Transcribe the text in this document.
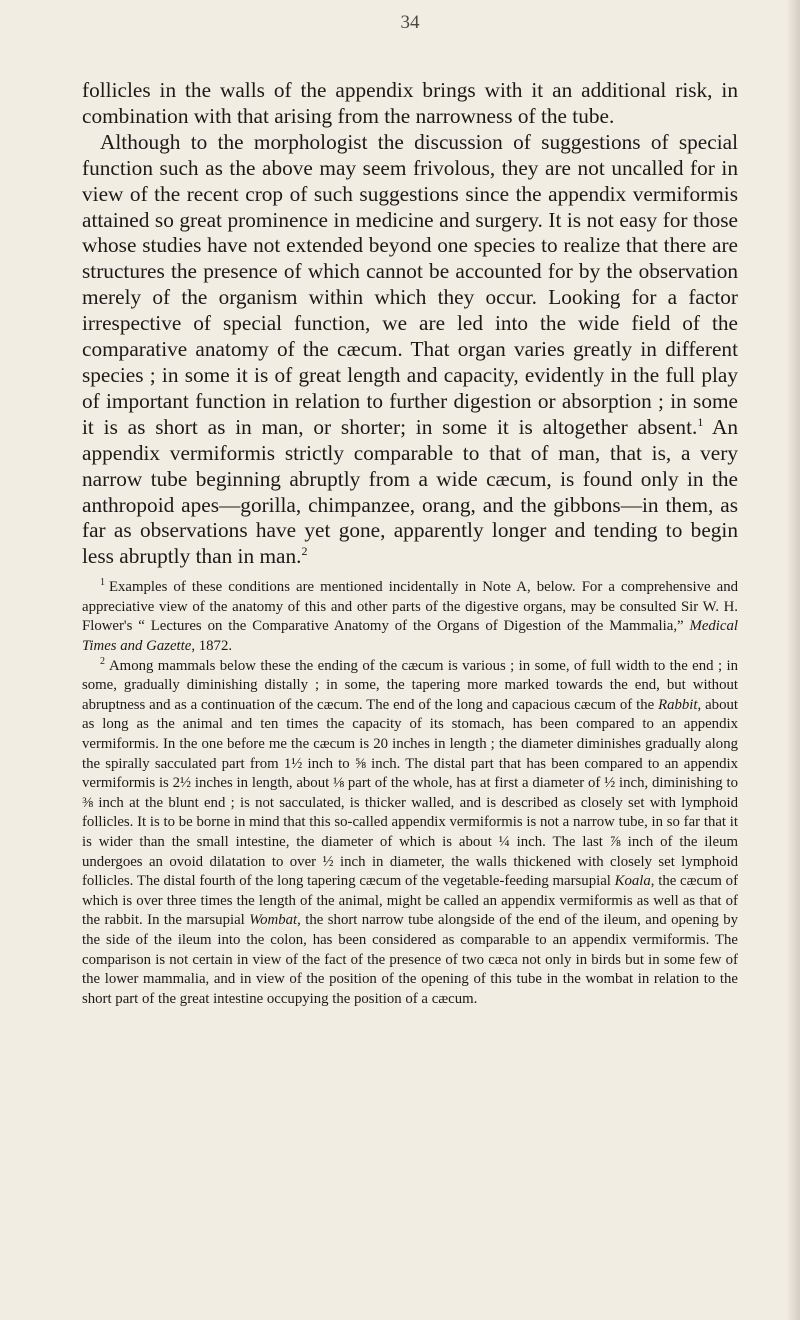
34

follicles in the walls of the appendix brings with it an additional risk, in combination with that arising from the narrowness of the tube.

Although to the morphologist the discussion of suggestions of special function such as the above may seem frivolous, they are not uncalled for in view of the recent crop of such suggestions since the appendix vermiformis attained so great prominence in medicine and surgery. It is not easy for those whose studies have not extended beyond one species to realize that there are structures the presence of which cannot be accounted for by the observation merely of the organism within which they occur. Looking for a factor irrespective of special function, we are led into the wide field of the comparative anatomy of the cæcum. That organ varies greatly in different species ; in some it is of great length and capacity, evidently in the full play of important function in relation to further digestion or absorption ; in some it is as short as in man, or shorter; in some it is altogether absent.$^1$ An appendix vermiformis strictly comparable to that of man, that is, a very narrow tube beginning abruptly from a wide cæcum, is found only in the anthropoid apes—gorilla, chimpanzee, orang, and the gibbons—in them, as far as observations have yet gone, apparently longer and tending to begin less abruptly than in man.$^2$

$^1$ Examples of these conditions are mentioned incidentally in Note A, below. For a comprehensive and appreciative view of the anatomy of this and other parts of the digestive organs, may be consulted Sir W. H. Flower's “ Lectures on the Comparative Anatomy of the Organs of Digestion of the Mammalia,” Medical Times and Gazette, 1872.

$^2$ Among mammals below these the ending of the cæcum is various ; in some, of full width to the end ; in some, gradually diminishing distally ; in some, the tapering more marked towards the end, but without abruptness and as a continuation of the cæcum. The end of the long and capacious cæcum of the Rabbit, about as long as the animal and ten times the capacity of its stomach, has been compared to an appendix vermiformis. In the one before me the cæcum is 20 inches in length ; the diameter diminishes gradually along the spirally sacculated part from 1½ inch to ⅝ inch. The distal part that has been compared to an appendix vermiformis is 2½ inches in length, about ⅛ part of the whole, has at first a diameter of ½ inch, diminishing to ⅜ inch at the blunt end ; is not sacculated, is thicker walled, and is described as closely set with lymphoid follicles. It is to be borne in mind that this so-called appendix vermiformis is not a narrow tube, in so far that it is wider than the small intestine, the diameter of which is about ¼ inch. The last ⅞ inch of the ileum undergoes an ovoid dilatation to over ½ inch in diameter, the walls thickened with closely set lymphoid follicles. The distal fourth of the long tapering cæcum of the vegetable-feeding marsupial Koala, the cæcum of which is over three times the length of the animal, might be called an appendix vermiformis as well as that of the rabbit. In the marsupial Wombat, the short narrow tube alongside of the end of the ileum, and opening by the side of the ileum into the colon, has been considered as comparable to an appendix vermiformis. The comparison is not certain in view of the fact of the presence of two cæca not only in birds but in some few of the lower mammalia, and in view of the position of the opening of this tube in the wombat in relation to the short part of the great intestine occupying the position of a cæcum.
